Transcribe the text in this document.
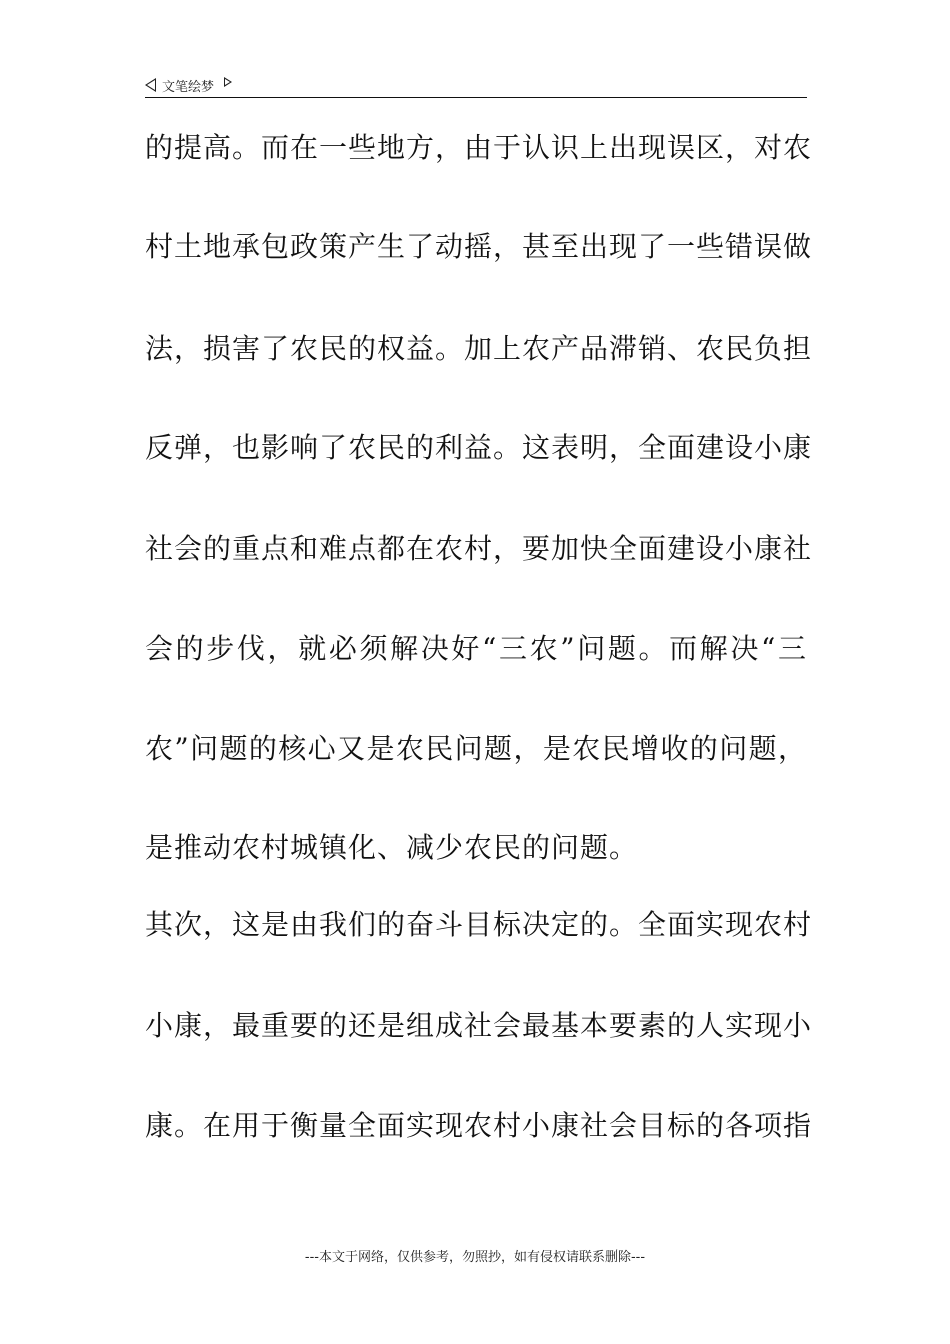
文笔绘梦
的提高。而在一些地方，由于认识上出现误区，对农
村土地承包政策产生了动摇，甚至出现了一些错误做
法，损害了农民的权益。加上农产品滞销、农民负担
反弹，也影响了农民的利益。这表明，全面建设小康
社会的重点和难点都在农村，要加快全面建设小康社
会的步伐，就必须解决好“三农”问题。而解决“三
农”问题的核心又是农民问题，是农民增收的问题，
是推动农村城镇化、减少农民的问题。
其次，这是由我们的奋斗目标决定的。全面实现农村
小康，最重要的还是组成社会最基本要素的人实现小
康。在用于衡量全面实现农村小康社会目标的各项指
---本文于网络，仅供参考，勿照抄，如有侵权请联系删除---
